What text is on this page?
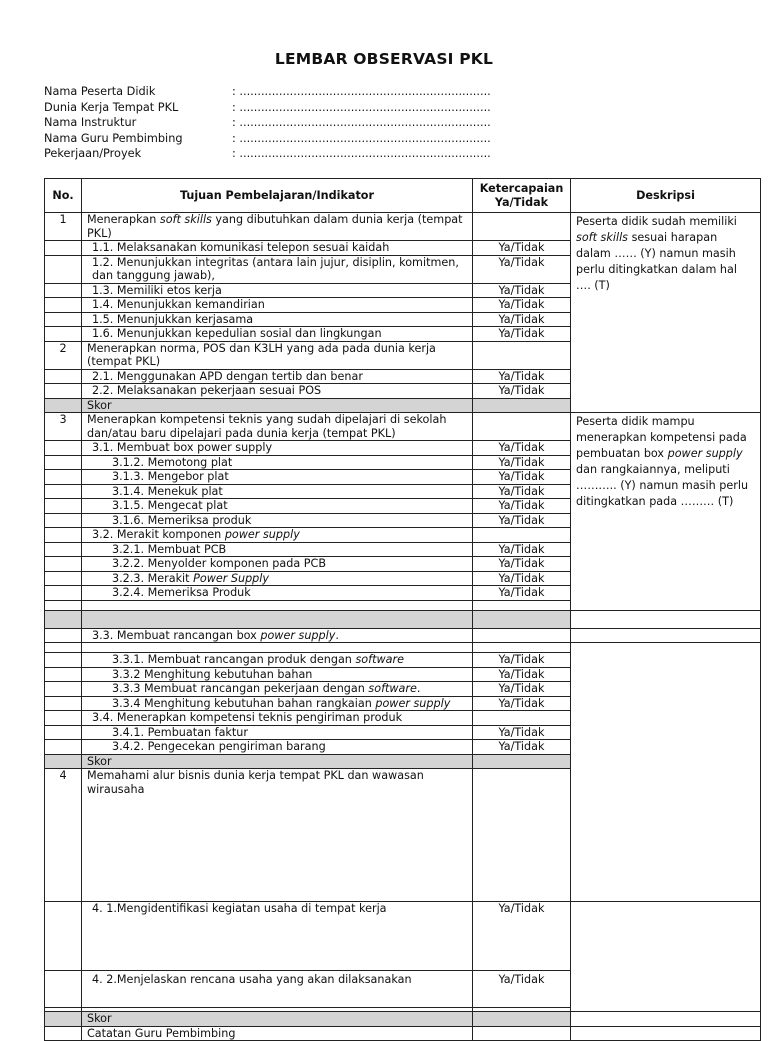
LEMBAR OBSERVASI PKL
Nama Peserta Didik	: ......................................................................
Dunia Kerja Tempat PKL	: ......................................................................
Nama Instruktur	: ......................................................................
Nama Guru Pembimbing	: ......................................................................
Pekerjaan/Proyek	: ......................................................................
No.	Tujuan Pembelajaran/Indikator	Ketercapaian Ya/Tidak	Deskripsi	
1	Menerapkan soft skills yang dibutuhkan dalam dunia kerja (tempat PKL)		Peserta didik sudah memiliki soft skills sesuai harapan dalam …… (Y) namun masih perlu ditingkatkan dalam hal …. (T)	
	1.1. Melaksanakan komunikasi telepon sesuai kaidah	Ya/Tidak		
	1.2. Menunjukkan integritas (antara lain jujur, disiplin, komitmen, dan tanggung jawab),	Ya/Tidak		
	1.3. Memiliki etos kerja	Ya/Tidak		
	1.4. Menunjukkan kemandirian	Ya/Tidak		
	1.5. Menunjukkan kerjasama	Ya/Tidak		
	1.6. Menunjukkan kepedulian sosial dan lingkungan	Ya/Tidak		
2	Menerapkan norma, POS dan K3LH yang ada pada dunia kerja (tempat PKL)			
	2.1. Menggunakan APD dengan tertib dan benar	Ya/Tidak		
	2.2. Melaksanakan pekerjaan sesuai POS	Ya/Tidak		
	Skor			
3	Menerapkan kompetensi teknis yang sudah dipelajari di sekolah dan/atau baru dipelajari pada dunia kerja (tempat PKL)		Peserta didik mampu menerapkan kompetensi pada pembuatan box power supply dan rangkaiannya, meliputi ……….. (Y) namun masih perlu ditingkatkan pada ……… (T)	
	3.1. Membuat box power supply	Ya/Tidak		
	3.1.2. Memotong plat	Ya/Tidak		
	3.1.3. Mengebor plat	Ya/Tidak		
	3.1.4. Menekuk plat	Ya/Tidak		
	3.1.5. Mengecat plat	Ya/Tidak		
	3.1.6. Memeriksa produk	Ya/Tidak		
	3.2. Merakit komponen power supply			
	3.2.1. Membuat PCB	Ya/Tidak		
	3.2.2. Menyolder komponen pada PCB	Ya/Tidak		
	3.2.3. Merakit Power Supply	Ya/Tidak		
	3.2.4. Memeriksa Produk	Ya/Tidak		

	3.3. Membuat rancangan box power supply.			

	3.3.1. Membuat rancangan produk dengan software	Ya/Tidak		
	3.3.2 Menghitung kebutuhan bahan	Ya/Tidak		
	3.3.3 Membuat rancangan pekerjaan dengan software.	Ya/Tidak		
	3.3.4 Menghitung kebutuhan bahan rangkaian power supply	Ya/Tidak		
	3.4. Menerapkan kompetensi teknis pengiriman produk			
	3.4.1. Pembuatan faktur	Ya/Tidak		
	3.4.2. Pengecekan pengiriman barang	Ya/Tidak		
	Skor			
4	Memahami alur bisnis dunia kerja tempat PKL dan wawasan wirausaha		
	4. 1.Mengidentifikasi kegiatan usaha di tempat kerja	Ya/Tidak		
	4. 2.Menjelaskan rencana usaha yang akan dilaksanakan	Ya/Tidak		

	Skor			
	Catatan Guru Pembimbing			
